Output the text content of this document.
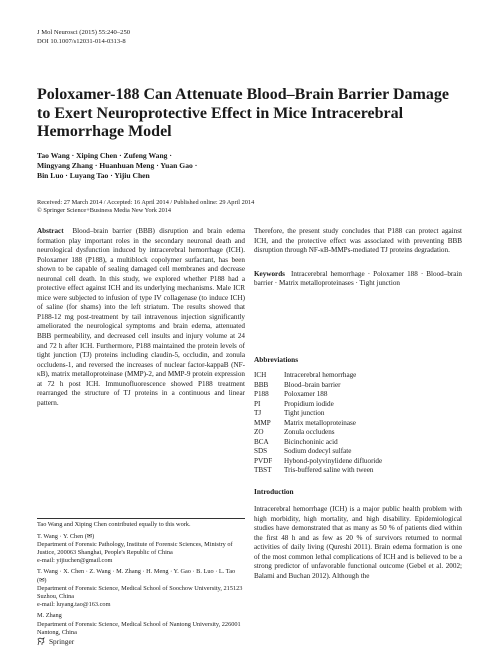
J Mol Neurosci (2015) 55:240–250
DOI 10.1007/s12031-014-0313-8
Poloxamer-188 Can Attenuate Blood–Brain Barrier Damage to Exert Neuroprotective Effect in Mice Intracerebral Hemorrhage Model
Tao Wang · Xiping Chen · Zufeng Wang ·
Mingyang Zhang · Huanhuan Meng · Yuan Gao ·
Bin Luo · Luyang Tao · Yijiu Chen
Received: 27 March 2014 / Accepted: 16 April 2014 / Published online: 29 April 2014
© Springer Science+Business Media New York 2014

Abstract Blood–brain barrier (BBB) disruption and brain edema formation play important roles in the secondary neuronal death and neurological dysfunction induced by intracerebral hemorrhage (ICH). Poloxamer 188 (P188), a multiblock copolymer surfactant, has been shown to be capable of sealing damaged cell membranes and decrease neuronal cell death. In this study, we explored whether P188 had a protective effect against ICH and its underlying mechanisms. Male ICR mice were subjected to infusion of type IV collagenase (to induce ICH) of saline (for shams) into the left striatum. The results showed that P188-12 mg post-treatment by tail intravenous injection significantly ameliorated the neurological symptoms and brain edema, attenuated BBB permeability, and decreased cell insults and injury volume at 24 and 72 h after ICH. Furthermore, P188 maintained the protein levels of tight junction (TJ) proteins including claudin-5, occludin, and zonula occludens-1, and reversed the increases of nuclear factor-kappaB (NF-κB), matrix metalloproteinase (MMP)-2, and MMP-9 protein expression at 72 h post ICH. Immunofluorescence showed P188 treatment rearranged the structure of TJ proteins in a continuous and linear pattern.

Therefore, the present study concludes that P188 can protect against ICH, and the protective effect was associated with preventing BBB disruption through NF-κB-MMPs-mediated TJ proteins degradation.

Keywords Intracerebral hemorrhage · Poloxamer 188 · Blood–brain barrier · Matrix metalloproteinases · Tight junction

Abbreviations
ICH	Intracerebral hemorrhage
BBB	Blood–brain barrier
P188	Poloxamer 188
PI	Propidium iodide
TJ	Tight junction
MMP	Matrix metalloproteinase
ZO	Zonula occludens
BCA	Bicinchoninic acid
SDS	Sodium dodecyl sulfate
PVDF	Hybond-polyvinylidene difluoride
TBST	Tris-buffered saline with tween

Tao Wang and Xiping Chen contributed equally to this work.

T. Wang · Y. Chen (✉)
Department of Forensic Pathology, Institute of Forensic Sciences, Ministry of Justice, 200063 Shanghai, People's Republic of China
e-mail: yijiuchen@gmail.com

T. Wang · X. Chen · Z. Wang · M. Zhang · H. Meng · Y. Gao · B. Luo · L. Tao (✉)
Department of Forensic Science, Medical School of Soochow University, 215123 Suzhou, China
e-mail: luyang.tao@163.com

M. Zhang
Department of Forensic Science, Medical School of Nantong University, 226001 Nantong, China

Introduction
Intracerebral hemorrhage (ICH) is a major public health problem with high morbidity, high mortality, and high disability. Epidemiological studies have demonstrated that as many as 50 % of patients died within the first 48 h and as few as 20 % of survivors returned to normal activities of daily living (Qureshi 2011). Brain edema formation is one of the most common lethal complications of ICH and is believed to be a strong predictor of unfavorable functional outcome (Gebel et al. 2002; Balami and Buchan 2012). Although the
Springer
